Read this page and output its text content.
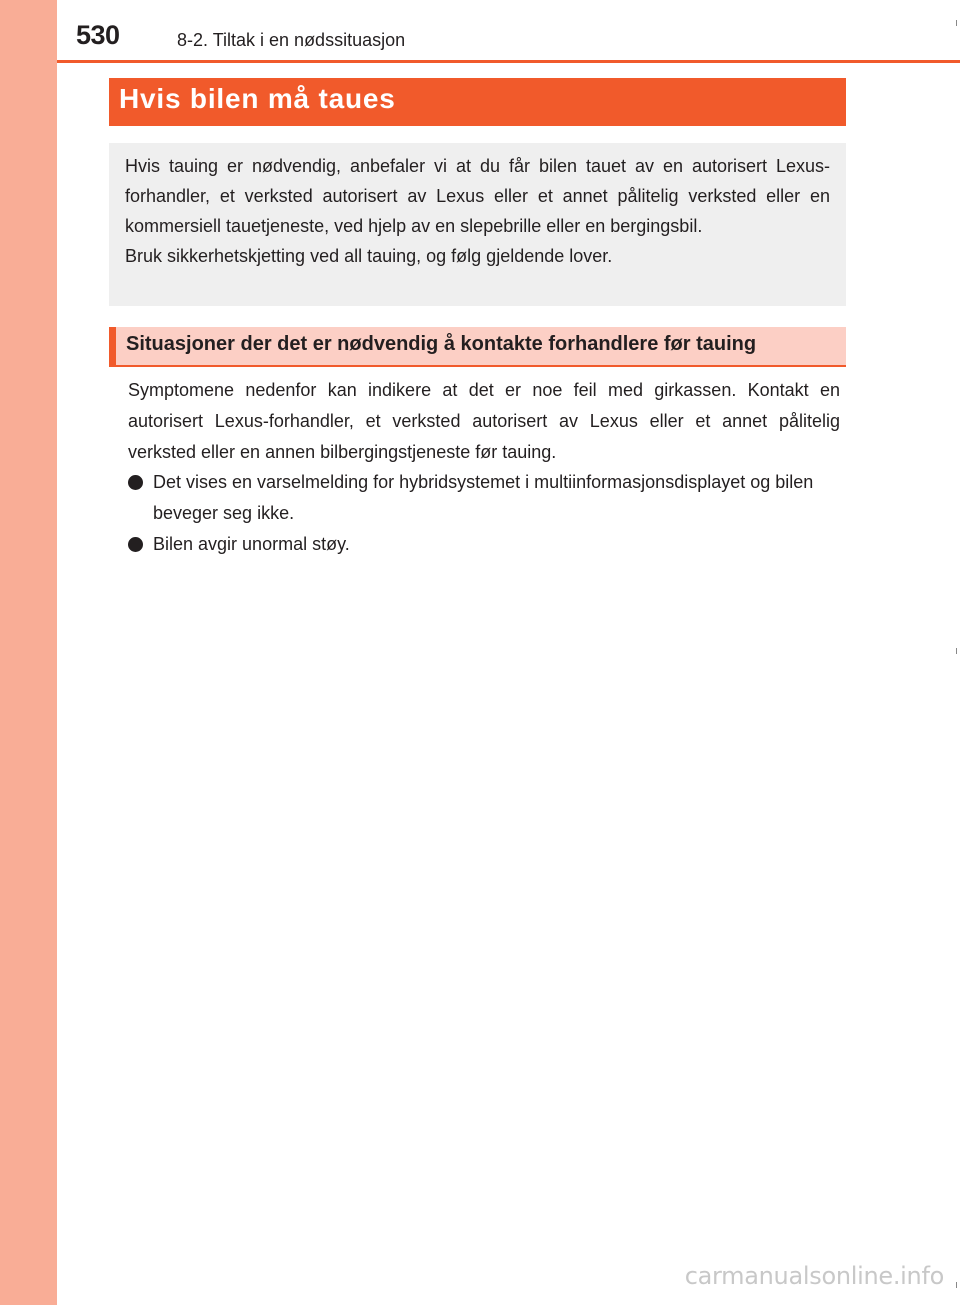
530	8-2. Tiltak i en nødssituasjon
Hvis bilen må taues

Hvis tauing er nødvendig, anbefaler vi at du får bilen tauet av en autorisert Lexus-forhandler, et verksted autorisert av Lexus eller et annet pålitelig verksted eller en kommersiell tauetjeneste, ved hjelp av en slepebrille eller en bergingsbil.

Bruk sikkerhetskjetting ved all tauing, og følg gjeldende lover.

Situasjoner der det er nødvendig å kontakte forhandlere før tauing

Symptomene nedenfor kan indikere at det er noe feil med girkassen. Kontakt en autorisert Lexus-forhandler, et verksted autorisert av Lexus eller et annet pålitelig verksted eller en annen bilbergingstjeneste før tauing.

Det vises en varselmelding for hybridsystemet i multiinformasjonsdisplayet og bilen beveger seg ikke.
Bilen avgir unormal støy.
carmanualsonline.info
